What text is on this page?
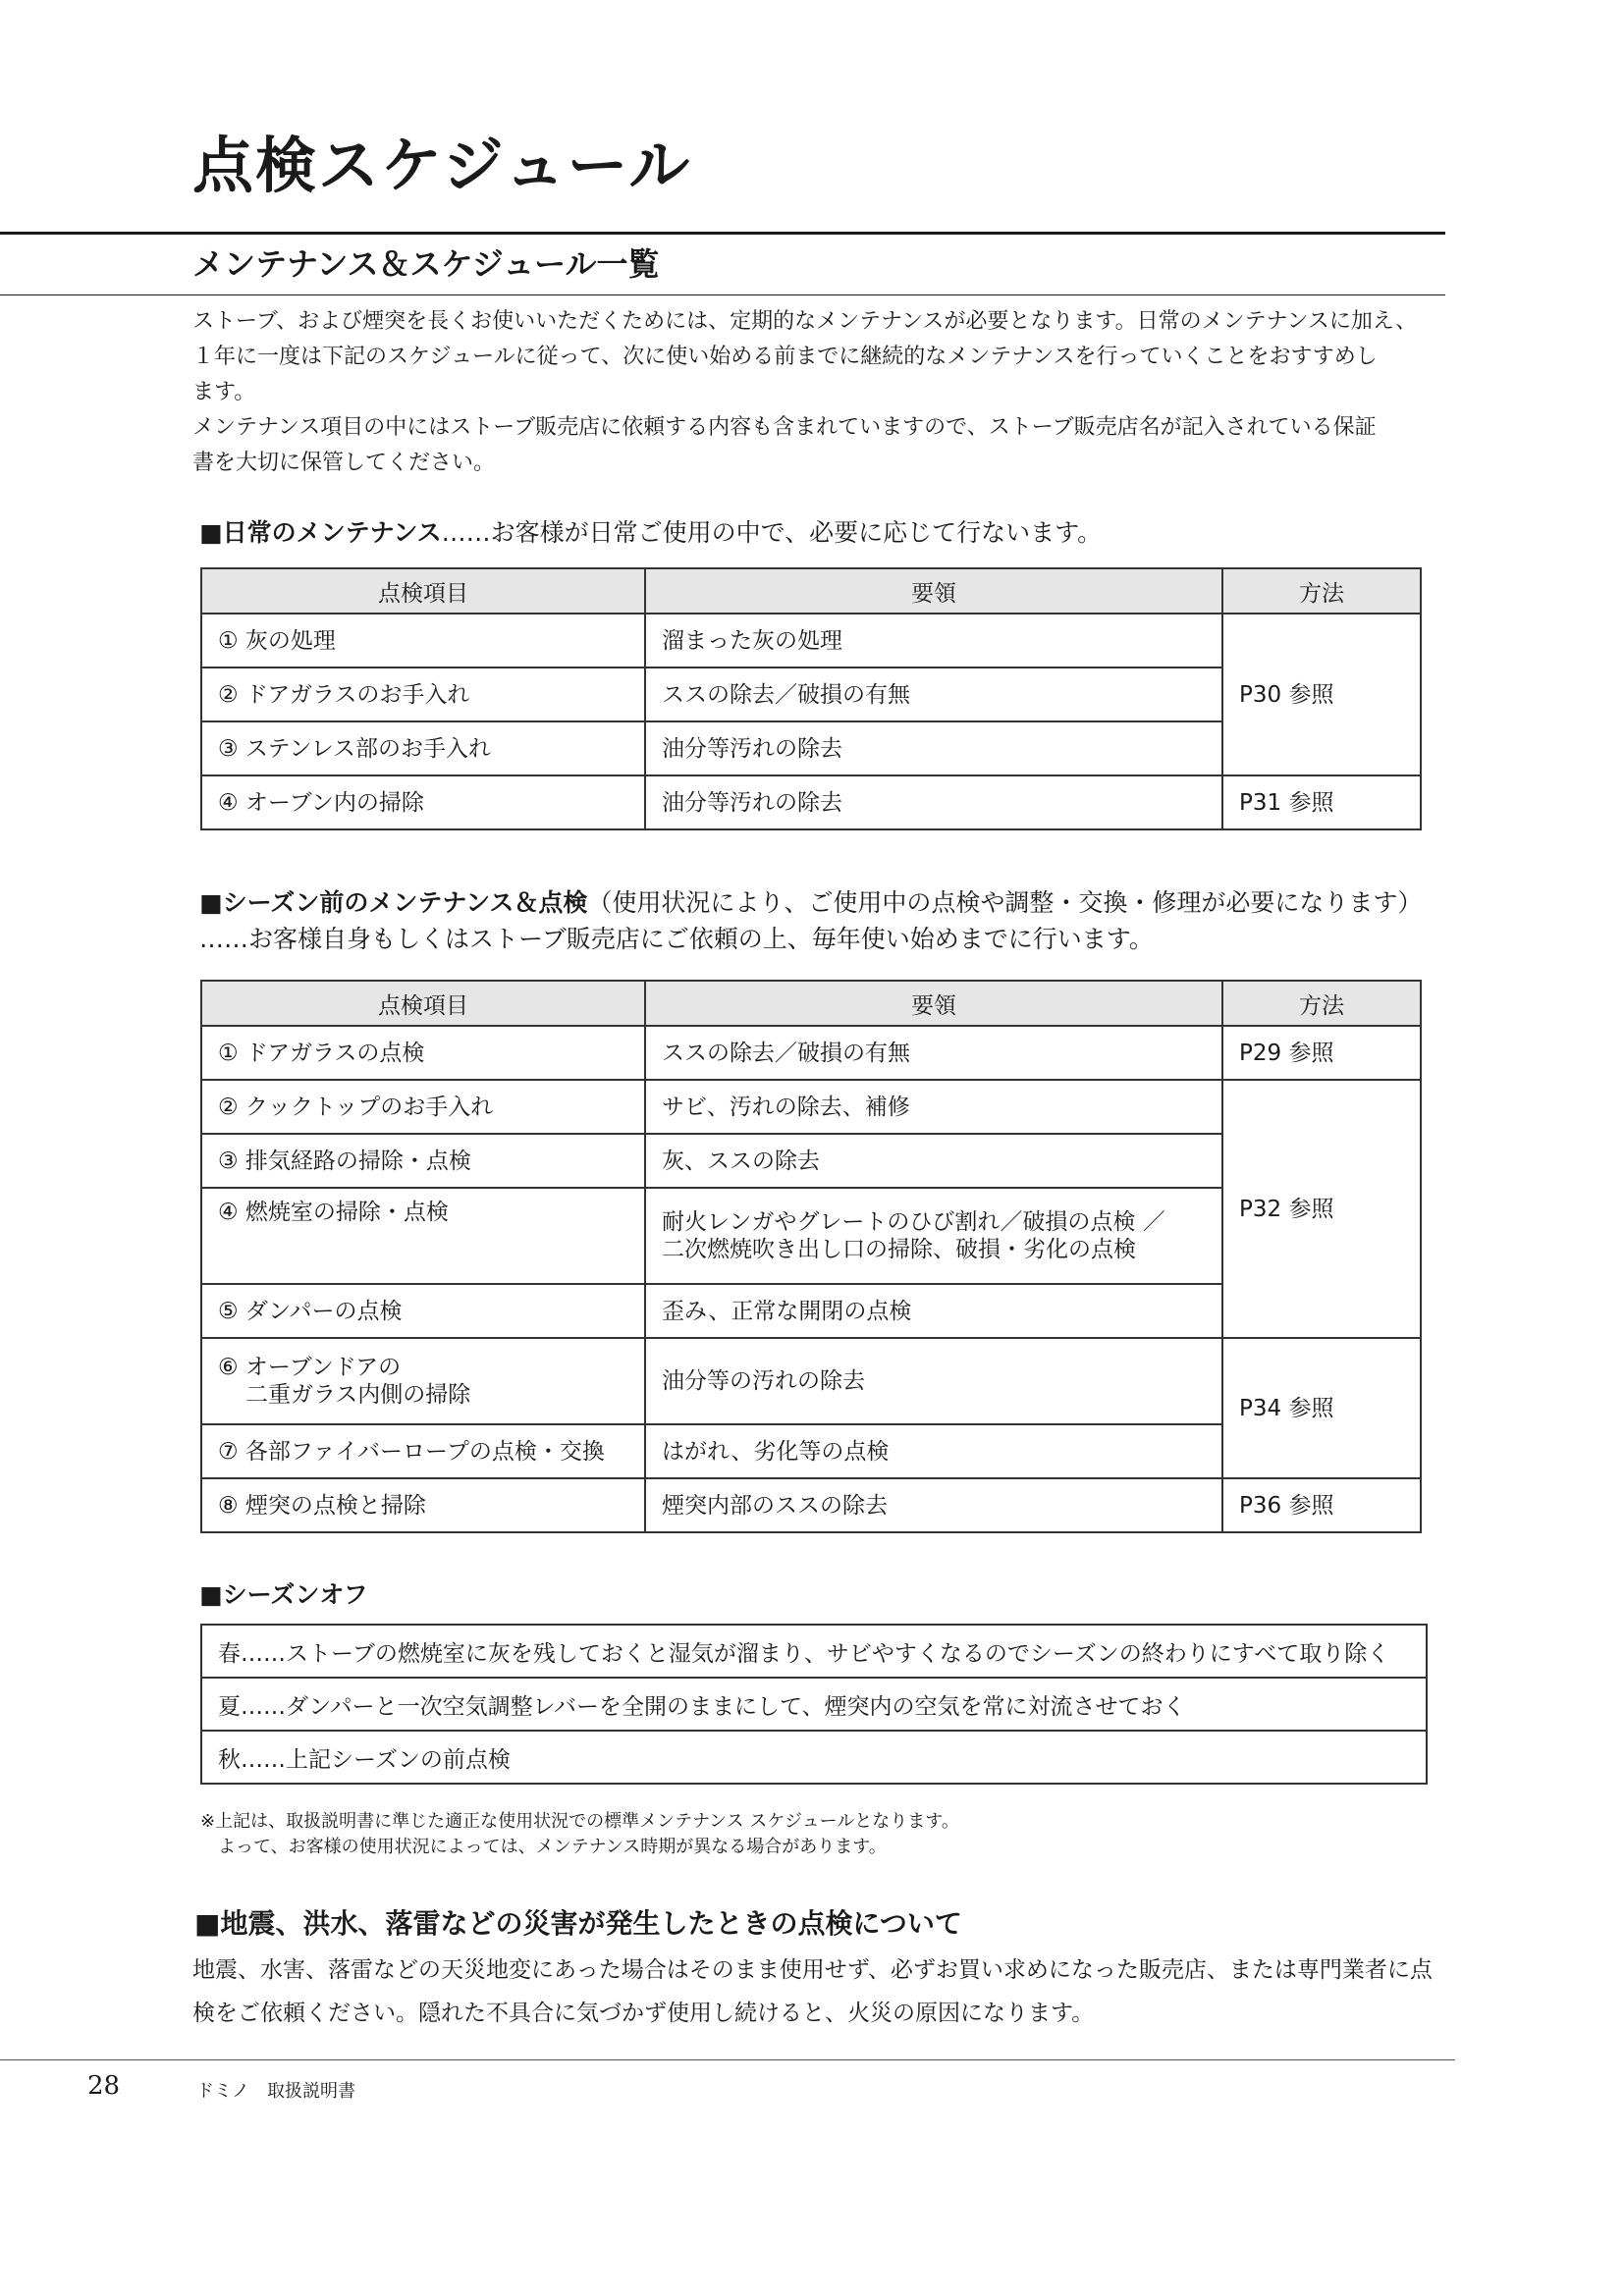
点検スケジュール
メンテナンス＆スケジュール一覧

ストーブ、および煙突を長くお使いいただくためには、定期的なメンテナンスが必要となります。日常のメンテナンスに加え、

１年に一度は下記のスケジュールに従って、次に使い始める前までに継続的なメンテナンスを行っていくことをおすすめし

ます。

メンテナンス項目の中にはストーブ販売店に依頼する内容も含まれていますので、ストーブ販売店名が記入されている保証

書を大切に保管してください。

■日常のメンテナンス……お客様が日常ご使用の中で、必要に応じて行ないます。
点検項目	要領	方法
① 灰の処理	溜まった灰の処理	P30 参照
② ドアガラスのお手入れ	ススの除去／破損の有無	
③ ステンレス部のお手入れ	油分等汚れの除去	
④ オーブン内の掃除	油分等汚れの除去	P31 参照
■シーズン前のメンテナンス＆点検（使用状況により、ご使用中の点検や調整・交換・修理が必要になります）
……お客様自身もしくはストーブ販売店にご依頼の上、毎年使い始めまでに行います。
点検項目	要領	方法
① ドアガラスの点検	ススの除去／破損の有無	P29 参照
② クックトップのお手入れ	サビ、汚れの除去、補修	P32 参照
③ 排気経路の掃除・点検	灰、ススの除去	
④ 燃焼室の掃除・点検	耐火レンガやグレートのひび割れ／破損の点検 ／
二次燃焼吹き出し口の掃除、破損・劣化の点検	

⑤ ダンパーの点検	歪み、正常な開閉の点検	

⑥ オーブンドアの
二重ガラス内側の掃除	油分等の汚れの除去	P34 参照
⑦ 各部ファイバーロープの点検・交換	はがれ、劣化等の点検	
⑧ 煙突の点検と掃除	煙突内部のススの除去	P36 参照
■シーズンオフ
春……ストーブの燃焼室に灰を残しておくと湿気が溜まり、サビやすくなるのでシーズンの終わりにすべて取り除く
夏……ダンパーと一次空気調整レバーを全開のままにして、煙突内の空気を常に対流させておく
秋……上記シーズンの前点検

※上記は、取扱説明書に準じた適正な使用状況での標準メンテナンス スケジュールとなります。

よって、お客様の使用状況によっては、メンテナンス時期が異なる場合があります。

■地震、洪水、落雷などの災害が発生したときの点検について

地震、水害、落雷などの天災地変にあった場合はそのまま使用せず、必ずお買い求めになった販売店、または専門業者に点

検をご依頼ください。隠れた不具合に気づかず使用し続けると、火災の原因になります。

28	ドミノ　取扱説明書
